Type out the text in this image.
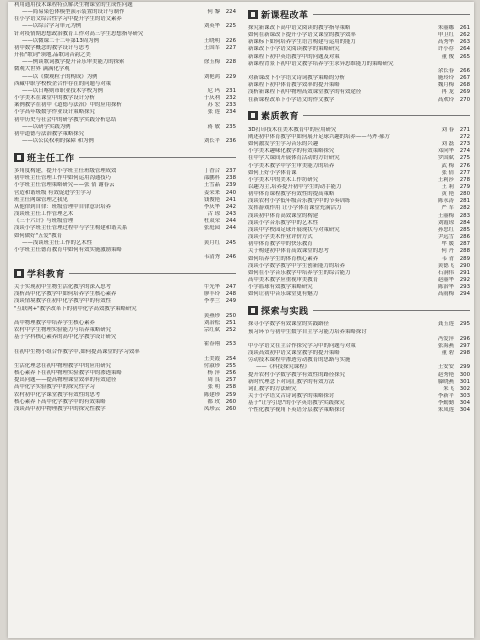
利用通用技术课程特点解决生物课堂的生成性问题
——简易染色体模型演示装置的设计与制作	何 黎	224
在小学语文综合性学习中提升学生的语文素养
——以综合学习单元为例	刘英华	225
针对疫情期思想政治教育工作对高三学生思想指导研究
——以微课二十二年第13周为例	王晓明	226
初中数学概念的教学设计与思考	王国军	227
开拓"歌词"领地,品歌词音韵之美
——例谈歌词教学提升音乐审美能力的探索	徐玉梅	228
微观大世界 满满化学观
——以《微观粒子的构成》为例	刘艳鸿	229
西藏中职学校校企合作存在的问题与对策
——以日喀则市职业技术学校为例	尼 玛	231
小学美术在课堂中的教学设计分析	于庆利	232
案例教学在初中《道德与法治》中的应用探析	苏 宏	233
小学高年级数学作业设计策略探究	张 莲	234
初中历史与社会中的研学教学实践分析总结
——以研学实践为例	蒋 敏	235
初中道德与法治教学策略探究
——以公民权利的保障 和为例	刘长平	236
班主任工作
多角度构建，提升小学班主任班级管理成效	丁香合	237
初中班主任管理工作中如何运用沟通技巧	邵鹏科	238
小学班主任管理策略研究——张 倩 谢春云	王雪晶	239
营造和谐班级 有效促进学生学习	姜荣来	240
班主任网课管理之我见	钱俊艳	241
从他律到自律：班级管理中自律意识培养	李庆华	242
浅谈班主任工作管理艺术	古 琼	243
《三十六计》与班级管理	杜双荣	244
浅谈小学班主任管理过程中与学生构建和谐关系	张庭园	244
如何做好"五爱"教育
——浅谈班主任工作的艺术性	黄月红	245
小学班主任德育教育中如何有效实施激励策略
韦清秀	246
学科教育
关于实现初中生物生活化教学的深入思考	牛光华	247
浅析高中化学教学中如何培养学生核心素养	廖丰玲	248
浅谈情境教学在初中化学教学中的有效性	李孝兰	249
"互联网+"教学改革下的初中化学高效教学策略研究
黄燕珍	250
高中物理教学中培养学生核心素养	刘冶松	251
农村中学生物理实验能力与培养策略研究	宗红斌	252
基于学科核心素养的高中化学教学设计研究
霍春翔	253
在初中生物小组合作教学中,如何提高课堂的学习效率
王美霞	254
生活化理念在初中物理教学中的应用研究	付淑珍	255
核心素养下在初中物理实验教学中的渗透策略	杨 萍	256
提出问题——提高物理课堂效率的有效途径	周 良	257
高中化学实验教学中的探究性学习	张 明	258
农村初中化学课堂教学有效性的思考	陈建珍	259
核心素养下高中化学教学中的有效策略	都 玫	260
浅谈高中初中物理教学中的探究性教学	凤珍云	260
新课程改革
探究新课改下高中语文阅读的教学指导策略	朱丽娜	261
如何在新课改下提升小学语文课堂的教学效率	申卫红	262
新课标下如何培养学生语言构建与运用的能力	高秀华	263
新课改下小学语文阅读教学的策略研究	许小存	264
新课程下初中英语教学中的问题及对策	董 俊	265
新课程背景下初中语文教学培养学生求异思维能力的策略研究
余长春	266
对新课改下小学语文诗词教学策略的分析	施玲玲	267
新课程下初中体育教学效率的提升策略	魏月梅	268
浅析新课程下初中物理高效课堂教学的有效途径	冉 龙	269
在新课程改革下小学语文的作文教学	高欢玲	270
素质教育
3D打印技术在美术教育中的应用研究	刘 春	271
阐述初中体育教学中如何展开足球兴趣的培养——马斧·郝方	272
如何激发学生学习音乐的兴趣	刘 磊	273
小学美术趣味化教学的有效策略探究	邓向华	274
在中学大课间开展体育活动的方针研究	罗国斌	275
小学美术教学中学生审美能力的培养	武 梅	276
如何上好小学体育课	张 倩	277
小学美术中的美术工作坊研究	王莉莎	278
以趣为主,培养提升初中学生的动手能力	王 莉	279
初中体育课程教学有效性的提高策略	黄 艳	280
浅谈农村小学低年级音乐教学中的节奏训练	陈永涛	281
发挥游戏作用 让小学体育课堂充满活力	严 军	282
浅谈初中体育高效课堂的构建	王丽梅	283
浅谈小学音乐教学中的艺术性	刘霞琼	284
浅谈中学校园足球开展现状与对策研究	孙忠红	285
浅谈小学美术作业评价方式	尹远雪	286
初中体育教学中的快乐教育	牟 媛	287
关于构建初中体育高效课堂的思考	何 丹	288
如何培养学生的体育核心素养	韦 青	289
浅谈小学数学教学中学生创新能力的培养	黄德飞	290
如何在小学音乐教学中培养学生的综合能力	石洞伟	291
高中美术教学应重视审美教育	赵丽华	292
小学篮球有效教学策略研究	陈治华	293
如何让初中音乐课堂更有魅力	高雨梅	294
探索与实践
探寻小学数学有效课堂的实践路径	龚玉莲	295
预习环节与初中生数学自主学习能力培养策略探讨
冯爱萍	296
中小学语文在主合作探究学习中的问题与对策	张海燕	297
浅谈高效初中语文课堂教学的提升策略	董 碧	298
劳动技术课程中渗透劳动教育的思路与实施
——《科技探究课程》	王安安	299
提升农村小学数学教学有效性的路径探究	赵秀艳	300
新时代理念下对词汇教学的有效方法	滕晓燕	301
词汇教学的方法研究	朱飞	302
关于小学语文古诗词教学的策略探讨	李新平	303
基于"让学引思"的小学英语教学实践探究	李勤勤	304
个性化教学视角下英语分层教学策略探讨	朱凤莲	304
